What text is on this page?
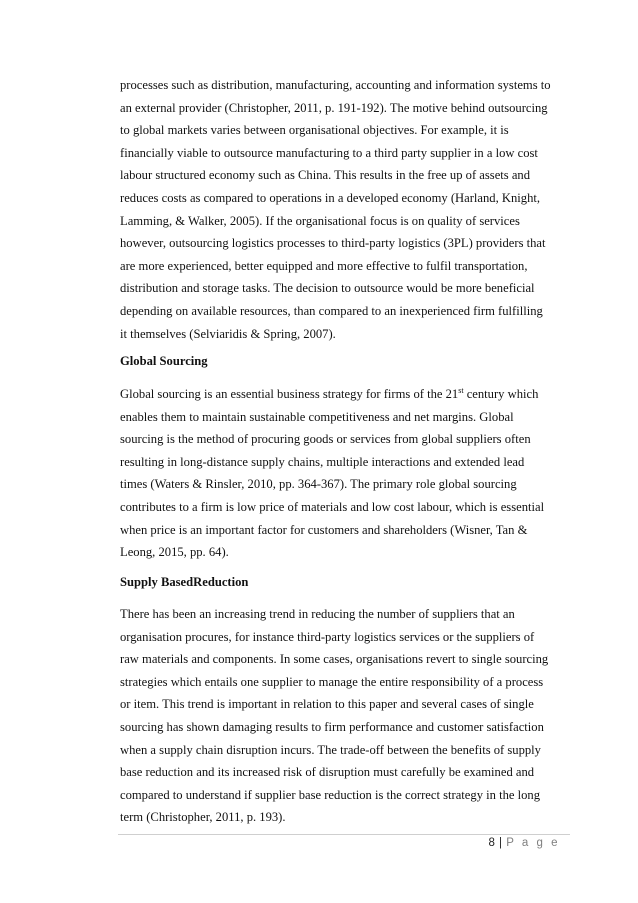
processes such as distribution, manufacturing, accounting and information systems to
an external provider (Christopher, 2011, p. 191-192). The motive behind outsourcing
to global markets varies between organisational objectives. For example, it is
financially viable to outsource manufacturing to a third party supplier in a low cost
labour structured economy such as China. This results in the free up of assets and
reduces costs as compared to operations in a developed economy (Harland, Knight,
Lamming, & Walker, 2005). If the organisational focus is on quality of services
however, outsourcing logistics processes to third-party logistics (3PL) providers that
are more experienced, better equipped and more effective to fulfil transportation,
distribution and storage tasks. The decision to outsource would be more beneficial
depending on available resources, than compared to an inexperienced firm fulfilling
it themselves (Selviaridis & Spring, 2007).
Global Sourcing
Global sourcing is an essential business strategy for firms of the 21st century which
enables them to maintain sustainable competitiveness and net margins. Global
sourcing is the method of procuring goods or services from global suppliers often
resulting in long-distance supply chains, multiple interactions and extended lead
times (Waters & Rinsler, 2010, pp. 364-367). The primary role global sourcing
contributes to a firm is low price of materials and low cost labour, which is essential
when price is an important factor for customers and shareholders (Wisner, Tan &
Leong, 2015, pp. 64).
Supply BasedReduction
There has been an increasing trend in reducing the number of suppliers that an
organisation procures, for instance third-party logistics services or the suppliers of
raw materials and components. In some cases, organisations revert to single sourcing
strategies which entails one supplier to manage the entire responsibility of a process
or item. This trend is important in relation to this paper and several cases of single
sourcing has shown damaging results to firm performance and customer satisfaction
when a supply chain disruption incurs. The trade-off between the benefits of supply
base reduction and its increased risk of disruption must carefully be examined and
compared to understand if supplier base reduction is the correct strategy in the long
term (Christopher, 2011, p. 193).
8 | P a g e
